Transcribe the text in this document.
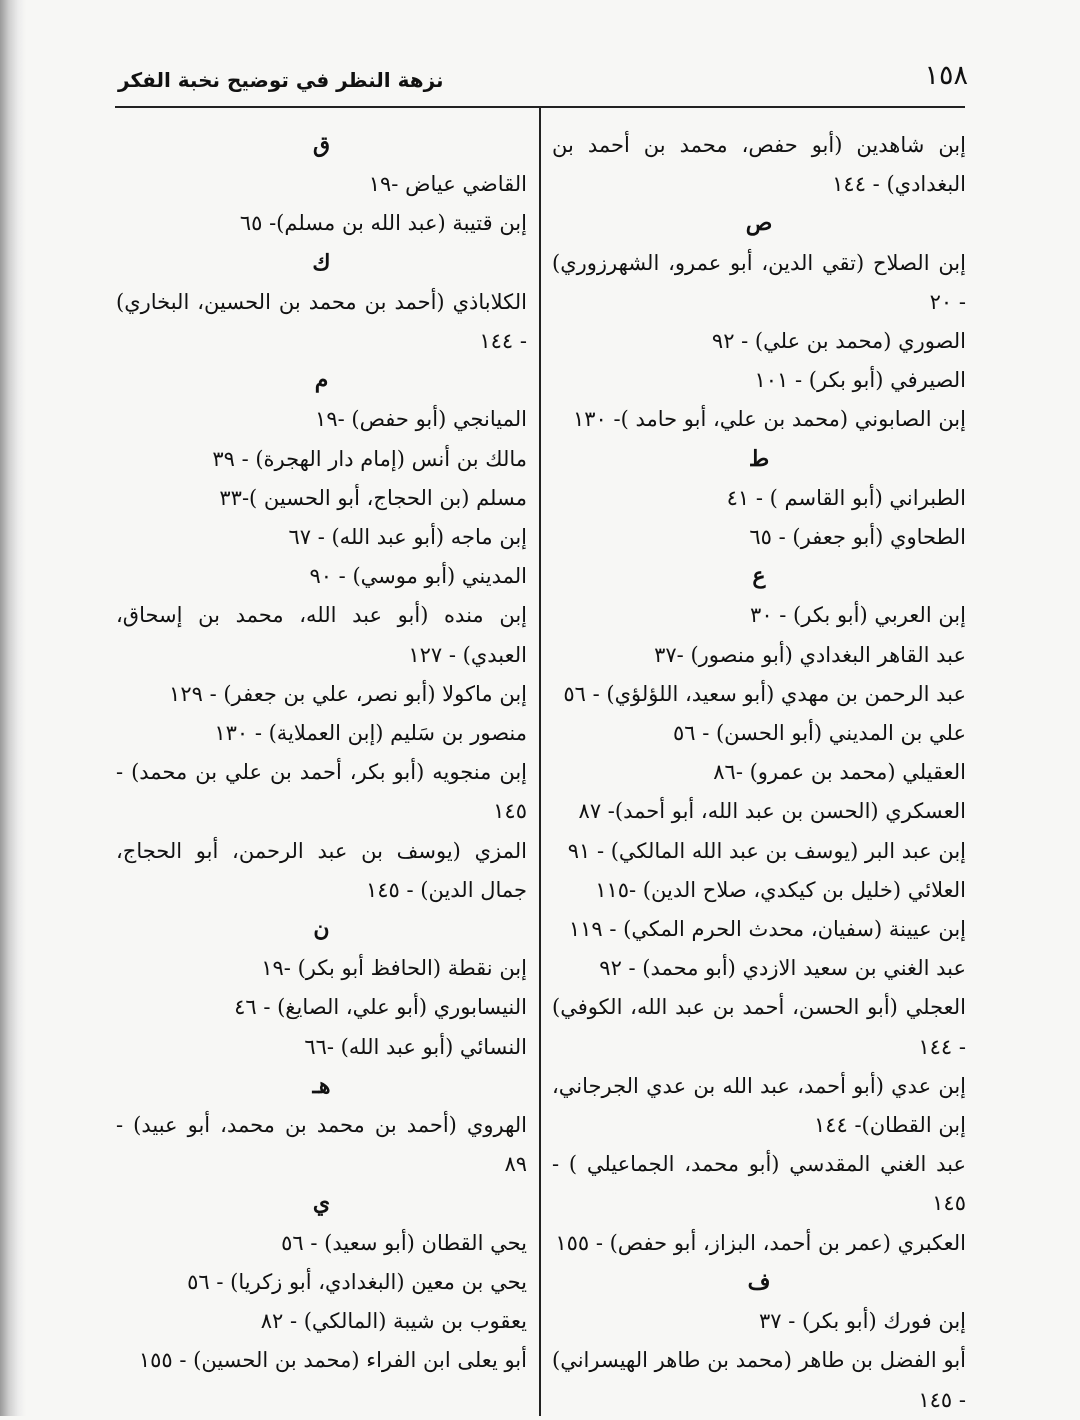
١٥٨
نزهة النظر في توضيح نخبة الفكر
إبن شاهدين (أبو حفص، محمد بن أحمد بن البغدادي) - ١٤٤
ص
إبن الصلاح (تقي الدين، أبو عمرو، الشهرزوري) - ٢٠
الصوري (محمد بن علي) - ٩٢
الصيرفي (أبو بكر) - ١٠١
إبن الصابوني (محمد بن علي، أبو حامد )- ١٣٠
ط
الطبراني (أبو القاسم ) - ٤١
الطحاوي (أبو جعفر) - ٦٥
ع
إبن العربي (أبو بكر) - ٣٠
عبد القاهر البغدادي (أبو منصور) -٣٧
عبد الرحمن بن مهدي (أبو سعيد، اللؤلؤي) - ٥٦
علي بن المديني (أبو الحسن) - ٥٦
العقيلي (محمد بن عمرو) -٨٦
العسكري (الحسن بن عبد الله، أبو أحمد)- ٨٧
إبن عبد البر (يوسف بن عبد الله المالكي) - ٩١
العلائي (خليل بن كيكدي، صلاح الدين) -١١٥
إبن عيينة (سفيان، محدث الحرم المكي) - ١١٩
عبد الغني بن سعيد الازدي (أبو محمد) - ٩٢
العجلي (أبو الحسن، أحمد بن عبد الله، الكوفي) - ١٤٤
إبن عدي (أبو أحمد، عبد الله بن عدي الجرجاني، إبن القطان)- ١٤٤
عبد الغني المقدسي (أبو محمد، الجماعيلي ) - ١٤٥
العكبري (عمر بن أحمد، البزاز، أبو حفص) - ١٥٥
ف
إبن فورك (أبو بكر) - ٣٧
أبو الفضل بن طاهر (محمد بن طاهر الهيسراني) - ١٤٥
ق
القاضي عياض -١٩
إبن قتيبة (عبد الله بن مسلم)- ٦٥
ك
الكلاباذي (أحمد بن محمد بن الحسين، البخاري) - ١٤٤
م
الميانجي (أبو حفص) -١٩
مالك بن أنس (إمام دار الهجرة) - ٣٩
مسلم (بن الحجاج، أبو الحسين )-٣٣
إبن ماجه (أبو عبد الله) - ٦٧
المديني (أبو موسي) - ٩٠
إبن منده (أبو عبد الله، محمد بن إسحاق، العبدي) - ١٢٧
إبن ماكولا (أبو نصر، علي بن جعفر) - ١٢٩
منصور بن سَليم (إبن العملاية) - ١٣٠
إبن منجويه (أبو بكر، أحمد بن علي بن محمد) - ١٤٥
المزي (يوسف بن عبد الرحمن، أبو الحجاج، جمال الدين) - ١٤٥
ن
إبن نقطة (الحافظ أبو بكر) -١٩
النيسابوري (أبو علي، الصايغ) - ٤٦
النسائي (أبو عبد الله) -٦٦
هـ
الهروي (أحمد بن محمد بن محمد، أبو عبيد) - ٨٩
ي
يحي القطان (أبو سعيد) - ٥٦
يحي بن معين (البغدادي، أبو زكريا) - ٥٦
يعقوب بن شيبة (المالكي) - ٨٢
أبو يعلى ابن الفراء (محمد بن الحسين) - ١٥٥
